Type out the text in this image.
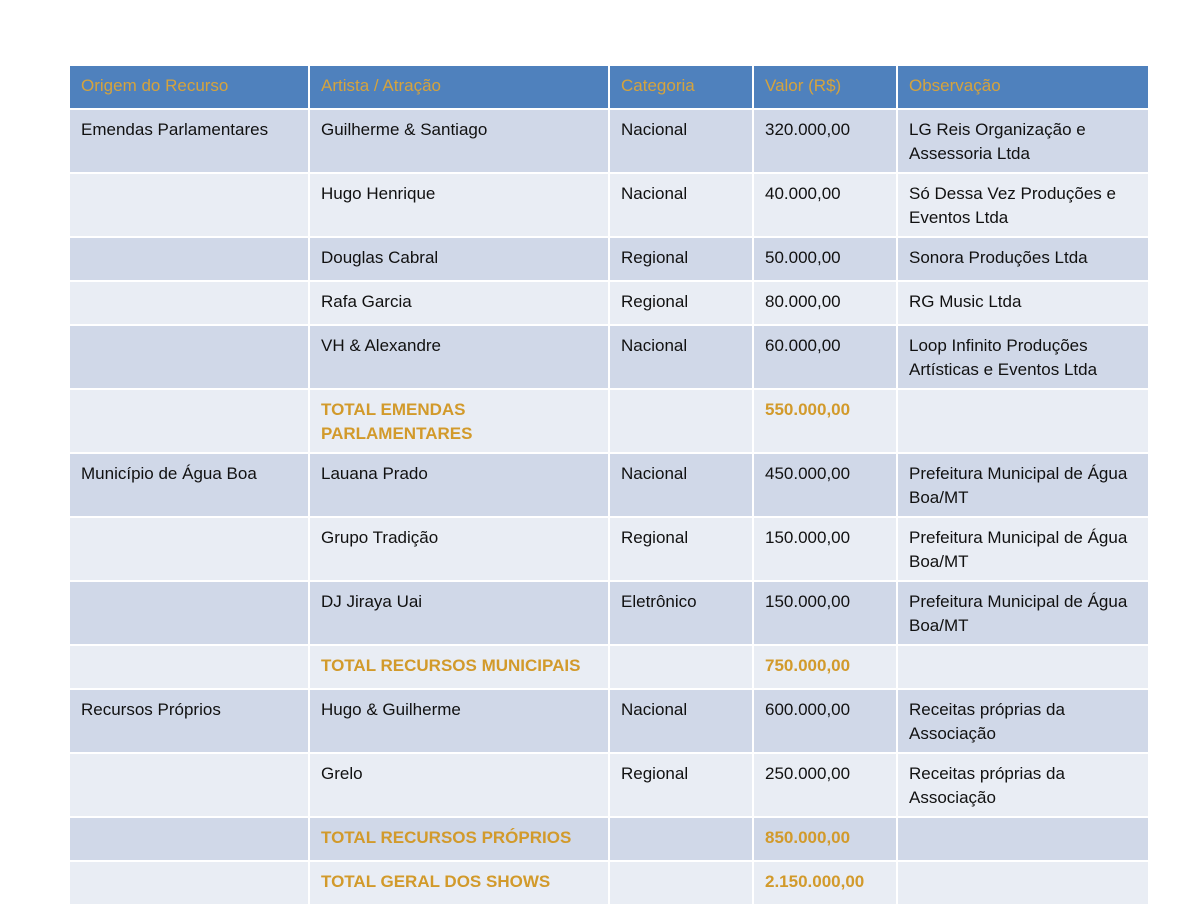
Origem do Recurso	Artista / Atração	Categoria	Valor (R$)	Observação
Emendas Parlamentares	Guilherme & Santiago	Nacional	320.000,00	LG Reis Organização e Assessoria Ltda
	Hugo Henrique	Nacional	40.000,00	Só Dessa Vez Produções e Eventos Ltda
	Douglas Cabral	Regional	50.000,00	Sonora Produções Ltda
	Rafa Garcia	Regional	80.000,00	RG Music Ltda
	VH & Alexandre	Nacional	60.000,00	Loop Infinito Produções Artísticas e Eventos Ltda
	TOTAL EMENDAS PARLAMENTARES		550.000,00	
Município de Água Boa	Lauana Prado	Nacional	450.000,00	Prefeitura Municipal de Água Boa/MT
	Grupo Tradição	Regional	150.000,00	Prefeitura Municipal de Água Boa/MT
	DJ Jiraya Uai	Eletrônico	150.000,00	Prefeitura Municipal de Água Boa/MT
	TOTAL RECURSOS MUNICIPAIS		750.000,00	
Recursos Próprios	Hugo & Guilherme	Nacional	600.000,00	Receitas próprias da Associação
	Grelo	Regional	250.000,00	Receitas próprias da Associação
	TOTAL RECURSOS PRÓPRIOS		850.000,00	
	TOTAL GERAL DOS SHOWS		2.150.000,00	
